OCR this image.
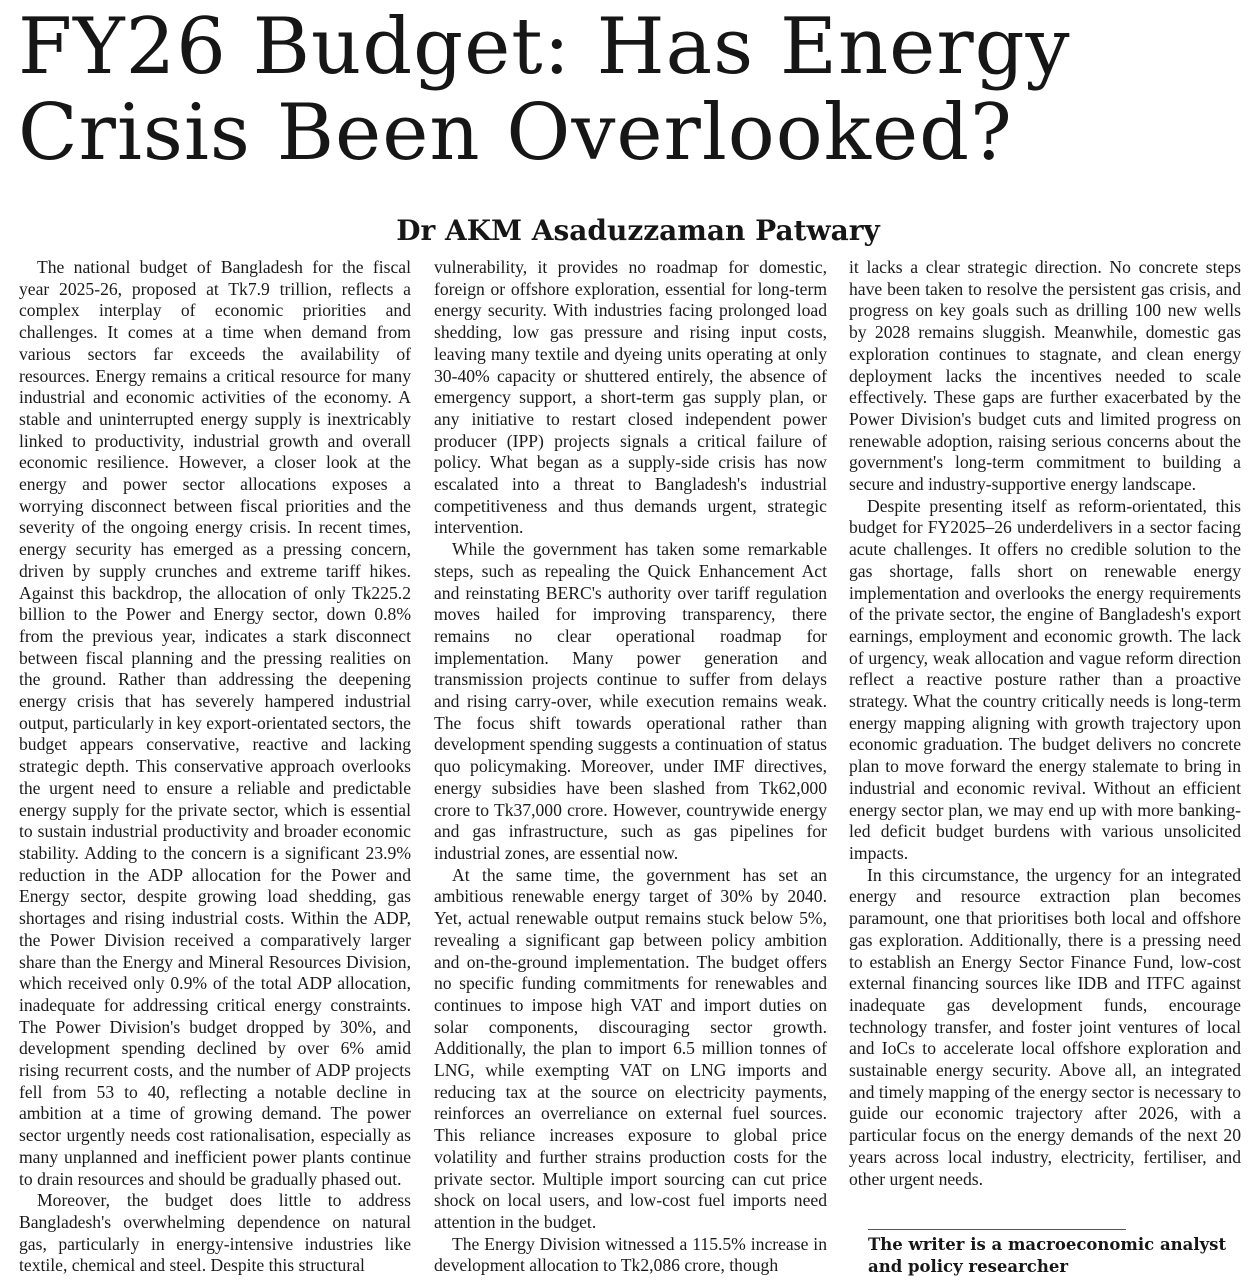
FY26 Budget: Has Energy
Crisis Been Overlooked?
Dr AKM Asaduzzaman Patwary

The national budget of Bangladesh for the fiscal year 2025-26, proposed at Tk7.9 trillion, reflects a complex interplay of economic priorities and challenges. It comes at a time when demand from various sectors far exceeds the availability of resources. Energy remains a critical resource for many industrial and economic activities of the economy. A stable and uninterrupted energy supply is inextricably linked to productivity, industrial growth and overall economic resilience. However, a closer look at the energy and power sector allocations exposes a worrying disconnect between fiscal priorities and the severity of the ongoing energy crisis. In recent times, energy security has emerged as a pressing concern, driven by supply crunches and extreme tariff hikes. Against this backdrop, the allocation of only Tk225.2 billion to the Power and Energy sector, down 0.8% from the previous year, indicates a stark disconnect between fiscal planning and the pressing realities on the ground. Rather than addressing the deepening energy crisis that has severely hampered industrial output, particularly in key export-orientated sectors, the budget appears conservative, reactive and lacking strategic depth. This conservative approach overlooks the urgent need to ensure a reliable and predictable energy supply for the private sector, which is essential to sustain industrial productivity and broader economic stability. Adding to the concern is a significant 23.9% reduction in the ADP allocation for the Power and Energy sector, despite growing load shedding, gas shortages and rising industrial costs. Within the ADP, the Power Division received a comparatively larger share than the Energy and Mineral Resources Division, which received only 0.9% of the total ADP allocation, inadequate for addressing critical energy constraints. The Power Division's budget dropped by 30%, and development spending declined by over 6% amid rising recurrent costs, and the number of ADP projects fell from 53 to 40, reflecting a notable decline in ambition at a time of growing demand. The power sector urgently needs cost rationalisation, especially as many unplanned and inefficient power plants continue to drain resources and should be gradually phased out.

Moreover, the budget does little to address Bangladesh's overwhelming dependence on natural gas, particularly in energy-intensive industries like textile, chemical and steel. Despite this structural

vulnerability, it provides no roadmap for domestic, foreign or offshore exploration, essential for long-term energy security. With industries facing prolonged load shedding, low gas pressure and rising input costs, leaving many textile and dyeing units operating at only 30-40% capacity or shuttered entirely, the absence of emergency support, a short-term gas supply plan, or any initiative to restart closed independent power producer (IPP) projects signals a critical failure of policy. What began as a supply-side crisis has now escalated into a threat to Bangladesh's industrial competitiveness and thus demands urgent, strategic intervention.

While the government has taken some remarkable steps, such as repealing the Quick Enhancement Act and reinstating BERC's authority over tariff regulation moves hailed for improving transparency, there remains no clear operational roadmap for implementation. Many power generation and transmission projects continue to suffer from delays and rising carry-over, while execution remains weak. The focus shift towards operational rather than development spending suggests a continuation of status quo policymaking. Moreover, under IMF directives, energy subsidies have been slashed from Tk62,000 crore to Tk37,000 crore. However, countrywide energy and gas infrastructure, such as gas pipelines for industrial zones, are essential now.

At the same time, the government has set an ambitious renewable energy target of 30% by 2040. Yet, actual renewable output remains stuck below 5%, revealing a significant gap between policy ambition and on-the-ground implementation. The budget offers no specific funding commitments for renewables and continues to impose high VAT and import duties on solar components, discouraging sector growth. Additionally, the plan to import 6.5 million tonnes of LNG, while exempting VAT on LNG imports and reducing tax at the source on electricity payments, reinforces an overreliance on external fuel sources. This reliance increases exposure to global price volatility and further strains production costs for the private sector. Multiple import sourcing can cut price shock on local users, and low-cost fuel imports need attention in the budget.

The Energy Division witnessed a 115.5% increase in development allocation to Tk2,086 crore, though

it lacks a clear strategic direction. No concrete steps have been taken to resolve the persistent gas crisis, and progress on key goals such as drilling 100 new wells by 2028 remains sluggish. Meanwhile, domestic gas exploration continues to stagnate, and clean energy deployment lacks the incentives needed to scale effectively. These gaps are further exacerbated by the Power Division's budget cuts and limited progress on renewable adoption, raising serious concerns about the government's long-term commitment to building a secure and industry-supportive energy landscape.

Despite presenting itself as reform-orientated, this budget for FY2025–26 underdelivers in a sector facing acute challenges. It offers no credible solution to the gas shortage, falls short on renewable energy implementation and overlooks the energy requirements of the private sector, the engine of Bangladesh's export earnings, employment and economic growth. The lack of urgency, weak allocation and vague reform direction reflect a reactive posture rather than a proactive strategy. What the country critically needs is long-term energy mapping aligning with growth trajectory upon economic graduation. The budget delivers no concrete plan to move forward the energy stalemate to bring in industrial and economic revival. Without an efficient energy sector plan, we may end up with more banking-led deficit budget burdens with various unsolicited impacts.

In this circumstance, the urgency for an integrated energy and resource extraction plan becomes paramount, one that prioritises both local and offshore gas exploration. Additionally, there is a pressing need to establish an Energy Sector Finance Fund, low-cost external financing sources like IDB and ITFC against inadequate gas development funds, encourage technology transfer, and foster joint ventures of local and IoCs to accelerate local offshore exploration and sustainable energy security. Above all, an integrated and timely mapping of the energy sector is necessary to guide our economic trajectory after 2026, with a particular focus on the energy demands of the next 20 years across local industry, electricity, fertiliser, and other urgent needs.

The writer is a macroeconomic analyst
and policy researcher
